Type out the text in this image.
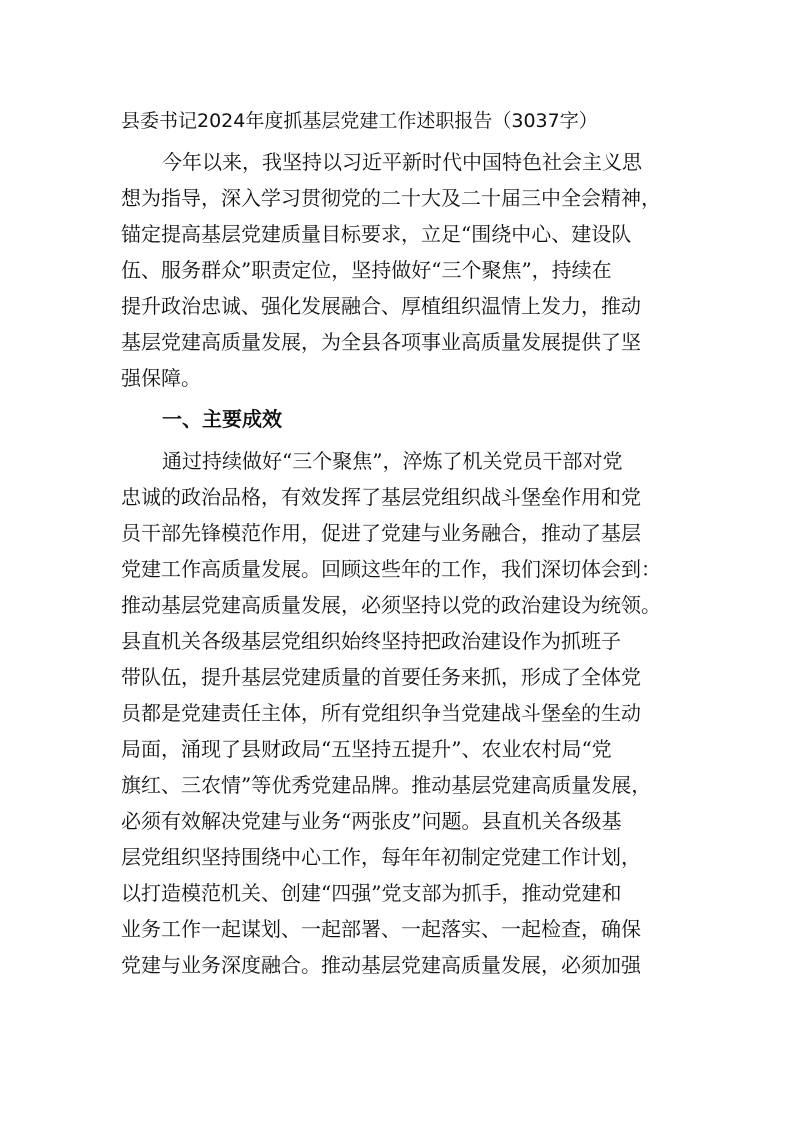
县委书记2024年度抓基层党建工作述职报告（3037字）
今年以来，我坚持以习近平新时代中国特色社会主义思
想为指导，深入学习贯彻党的二十大及二十届三中全会精神，
锚定提高基层党建质量目标要求，立足“围绕中心、建设队
伍、服务群众”职责定位，坚持做好“三个聚焦”，持续在
提升政治忠诚、强化发展融合、厚植组织温情上发力，推动
基层党建高质量发展，为全县各项事业高质量发展提供了坚
强保障。
一、主要成效
通过持续做好“三个聚焦”，淬炼了机关党员干部对党
忠诚的政治品格，有效发挥了基层党组织战斗堡垒作用和党
员干部先锋模范作用，促进了党建与业务融合，推动了基层
党建工作高质量发展。回顾这些年的工作，我们深切体会到：
推动基层党建高质量发展，必须坚持以党的政治建设为统领。
县直机关各级基层党组织始终坚持把政治建设作为抓班子
带队伍，提升基层党建质量的首要任务来抓，形成了全体党
员都是党建责任主体，所有党组织争当党建战斗堡垒的生动
局面，涌现了县财政局“五坚持五提升”、农业农村局“党
旗红、三农情”等优秀党建品牌。推动基层党建高质量发展，
必须有效解决党建与业务“两张皮”问题。县直机关各级基
层党组织坚持围绕中心工作，每年年初制定党建工作计划，
以打造模范机关、创建“四强”党支部为抓手，推动党建和
业务工作一起谋划、一起部署、一起落实、一起检查，确保
党建与业务深度融合。推动基层党建高质量发展，必须加强
